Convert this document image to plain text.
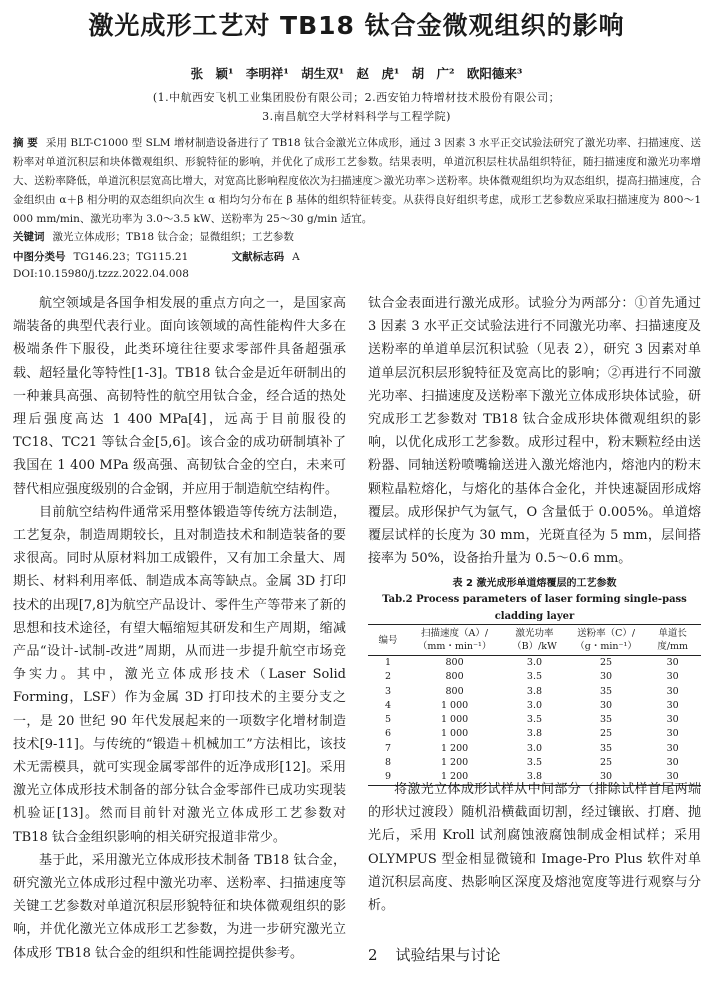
激光成形工艺对 TB18 钛合金微观组织的影响
张 颖¹ 李明祥¹ 胡生双¹ 赵 虎¹ 胡 广² 欧阳德来³
(1.中航西安飞机工业集团股份有限公司；2.西安铂力特增材技术股份有限公司；
3.南昌航空大学材料科学与工程学院)
摘 要 采用 BLT-C1000 型 SLM 增材制造设备进行了 TB18 钛合金激光立体成形，通过 3 因素 3 水平正交试验法研究了激光功率、扫描速度、送粉率对单道沉积层和块体微观组织、形貌特征的影响，并优化了成形工艺参数。结果表明，单道沉积层柱状晶组织特征，随扫描速度和激光功率增大、送粉率降低，单道沉积层宽高比增大，对宽高比影响程度依次为扫描速度＞激光功率＞送粉率。块体微观组织均为双态组织，提高扫描速度，合金组织由 α＋β 相分明的双态组织向次生 α 相均匀分布在 β 基体的组织特征转变。从获得良好组织考虑，成形工艺参数应采取扫描速度为 800～1 000 mm/min、激光功率为 3.0～3.5 kW、送粉率为 25～30 g/min 适宜。
关键词 激光立体成形；TB18 钛合金；显微组织；工艺参数
中图分类号 TG146.23；TG115.21	文献标志码 A
DOI:10.15980/j.tzzz.2022.04.008

航空领域是各国争相发展的重点方向之一，是国家高端装备的典型代表行业。面向该领域的高性能构件大多在极端条件下服役，此类环境往往要求零部件具备超强承载、超轻量化等特性[1-3]。TB18 钛合金是近年研制出的一种兼具高强、高韧特性的航空用钛合金，经合适的热处理后强度高达 1 400 MPa[4]，远高于目前服役的 TC18、TC21 等钛合金[5,6]。该合金的成功研制填补了我国在 1 400 MPa 级高强、高韧钛合金的空白，未来可替代相应强度级别的合金钢，并应用于制造航空结构件。

目前航空结构件通常采用整体锻造等传统方法制造，工艺复杂，制造周期较长，且对制造技术和制造装备的要求很高。同时从原材料加工成锻件，又有加工余量大、周期长、材料利用率低、制造成本高等缺点。金属 3D 打印技术的出现[7,8]为航空产品设计、零件生产等带来了新的思想和技术途径，有望大幅缩短其研发和生产周期，缩减产品“设计-试制-改进”周期，从而进一步提升航空市场竞争实力。其中，激光立体成形技术（Laser Solid Forming，LSF）作为金属 3D 打印技术的主要分支之一，是 20 世纪 90 年代发展起来的一项数字化增材制造技术[9-11]。与传统的“锻造＋机械加工”方法相比，该技术无需模具，就可实现金属零部件的近净成形[12]。采用激光立体成形技术制备的部分钛合金零部件已成功实现装机验证[13]。然而目前针对激光立体成形工艺参数对 TB18 钛合金组织影响的相关研究报道非常少。

基于此，采用激光立体成形技术制备 TB18 钛合金，研究激光立体成形过程中激光功率、送粉率、扫描速度等关键工艺参数对单道沉积层形貌特征和块体微观组织的影响，并优化激光立体成形工艺参数，为进一步研究激光立体成形 TB18 钛合金的组织和性能调控提供参考。

钛合金表面进行激光成形。试验分为两部分：①首先通过 3 因素 3 水平正交试验法进行不同激光功率、扫描速度及送粉率的单道单层沉积试验（见表 2），研究 3 因素对单道单层沉积层形貌特征及宽高比的影响；②再进行不同激光功率、扫描速度及送粉率下激光立体成形块体试验，研究成形工艺参数对 TB18 钛合金成形块体微观组织的影响，以优化成形工艺参数。成形过程中，粉末颗粒经由送粉器、同轴送粉喷嘴输送进入激光熔池内，熔池内的粉末颗粒晶粒熔化，与熔化的基体合金化，并快速凝固形成熔覆层。成形保护气为氩气，O 含量低于 0.005%。单道熔覆层试样的长度为 30 mm，光斑直径为 5 mm，层间搭接率为 50%，设备抬升量为 0.5～0.6 mm。

表 2 激光成形单道熔覆层的工艺参数
Tab.2 Process parameters of laser forming single-pass cladding layer
编号	扫描速度（A）/（mm・min⁻¹）	激光功率（B）/kW	送粉率（C）/（g・min⁻¹）	单道长度/mm
1	800	3.0	25	30
2	800	3.5	30	30
3	800	3.8	35	30
4	1 000	3.0	30	30
5	1 000	3.5	35	30
6	1 000	3.8	25	30
7	1 200	3.0	35	30
8	1 200	3.5	25	30
9	1 200	3.8	30	30

将激光立体成形试样从中间部分（排除试样首尾两端的形状过渡段）随机沿横截面切割，经过镶嵌、打磨、抛光后，采用 Kroll 试剂腐蚀液腐蚀制成金相试样；采用 OLYMPUS 型金相显微镜和 Image-Pro Plus 软件对单道沉积层高度、热影响区深度及熔池宽度等进行观察与分析。

2 试验结果与讨论
